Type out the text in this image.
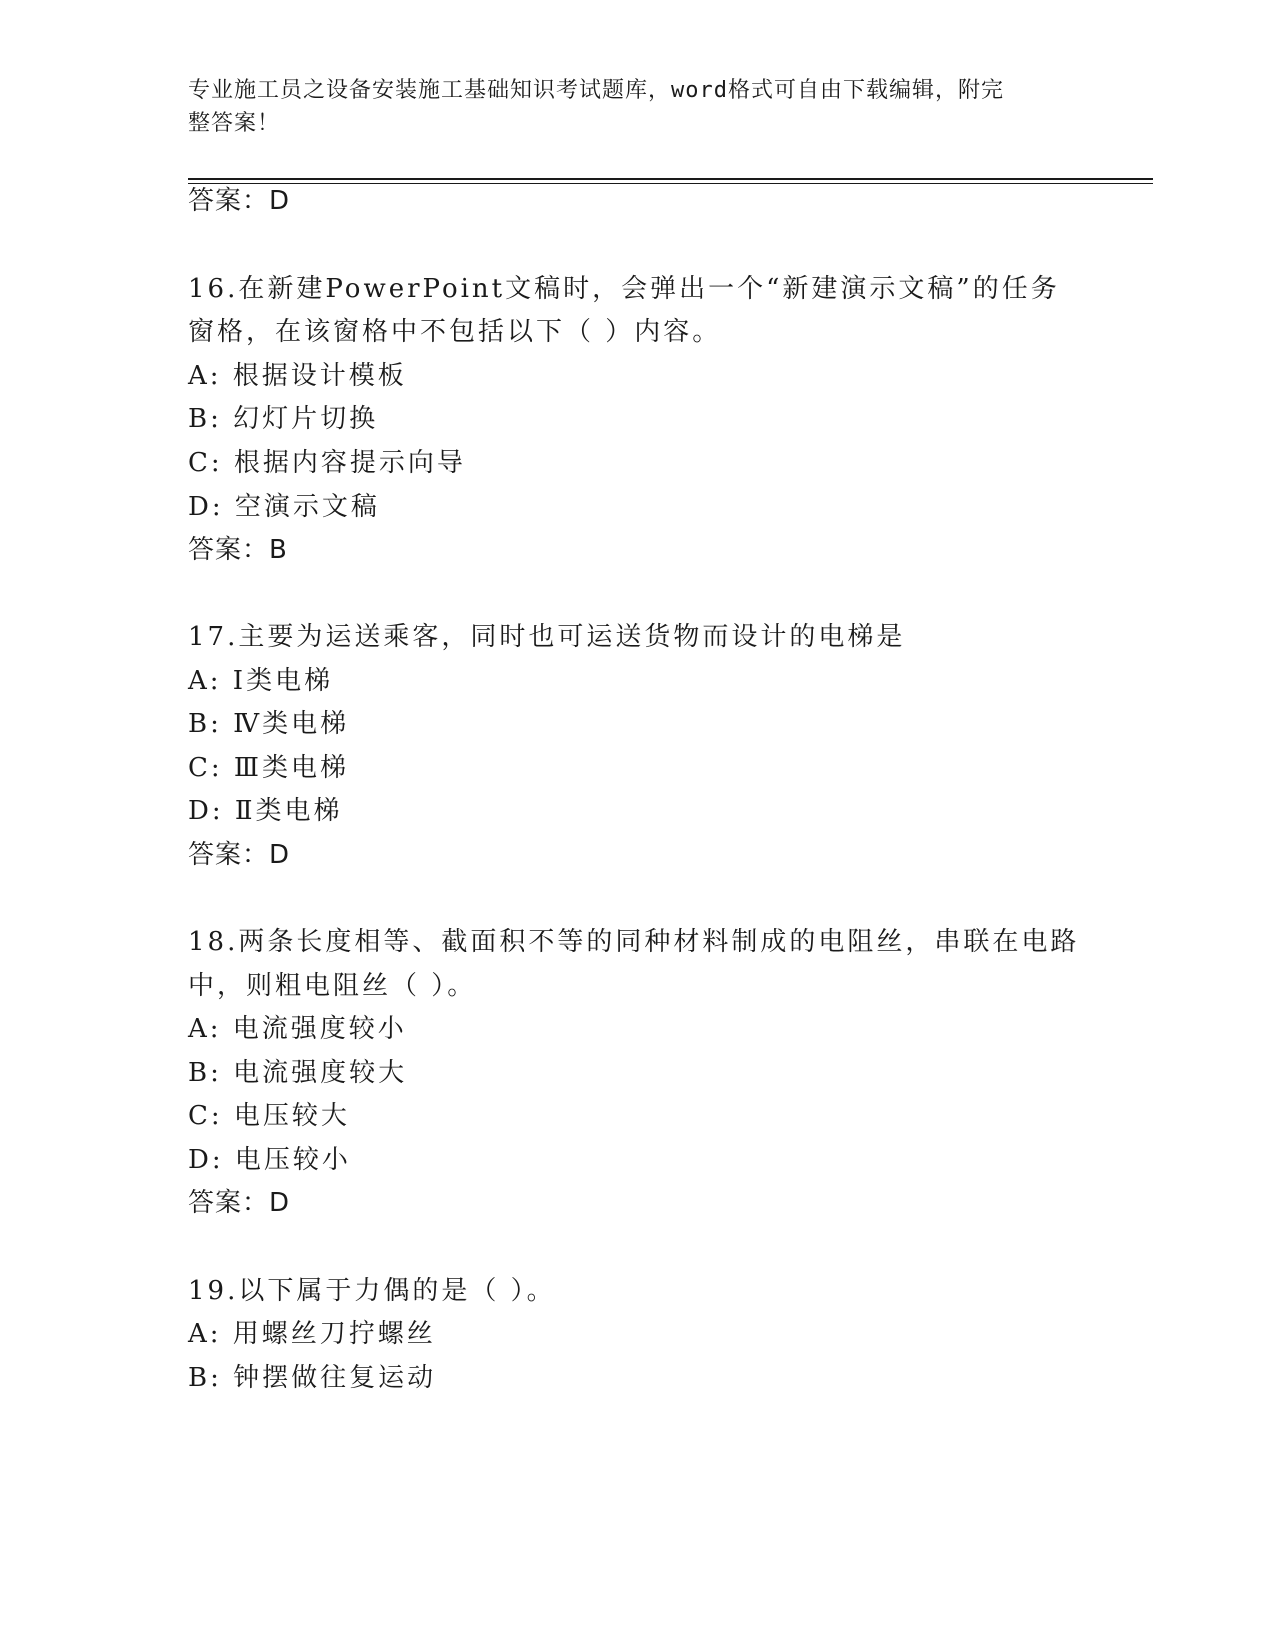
专业施工员之设备安装施工基础知识考试题库，word格式可自由下载编辑，附完
整答案！
答案：D
16.在新建PowerPoint文稿时，会弹出一个“新建演示文稿”的任务
窗格，在该窗格中不包括以下（ ）内容。
A: 根据设计模板
B: 幻灯片切换
C: 根据内容提示向导
D: 空演示文稿
答案：B
17.主要为运送乘客，同时也可运送货物而设计的电梯是
A: Ⅰ类电梯
B: Ⅳ类电梯
C: Ⅲ类电梯
D: Ⅱ类电梯
答案：D
18.两条长度相等、截面积不等的同种材料制成的电阻丝，串联在电路
中，则粗电阻丝（ ）。
A: 电流强度较小
B: 电流强度较大
C: 电压较大
D: 电压较小
答案：D
19.以下属于力偶的是（ ）。
A: 用螺丝刀拧螺丝
B: 钟摆做往复运动
